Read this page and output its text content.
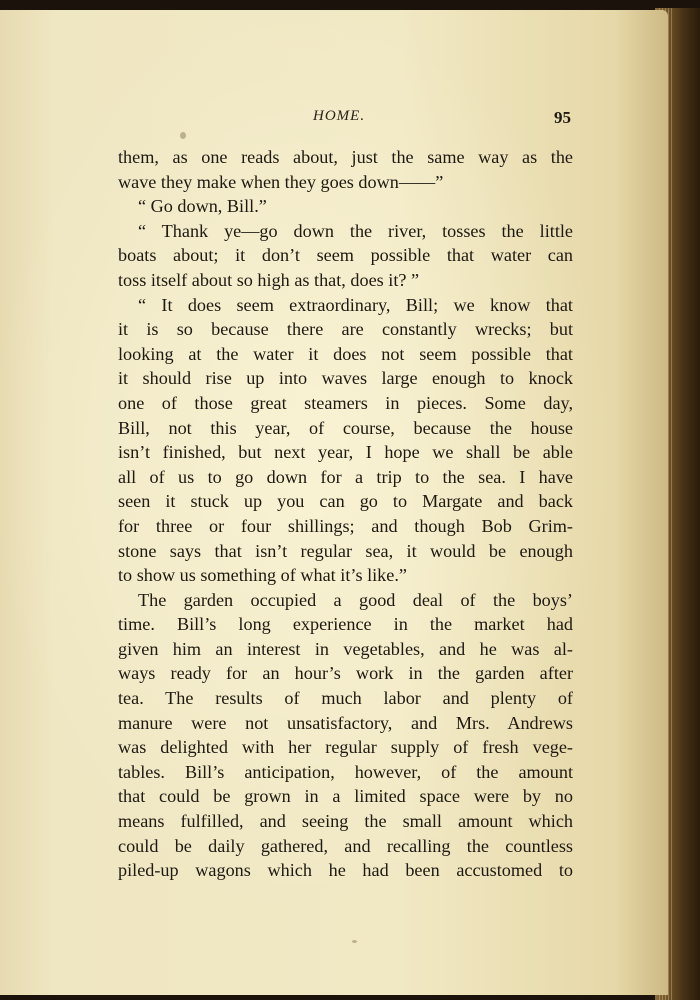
HOME.	95
them, as one reads about, just the same way as the
wave they make when they goes down——”
“ Go down, Bill.”
“ Thank ye—go down the river, tosses the little
boats about; it don’t seem possible that water can
toss itself about so high as that, does it? ”
“ It does seem extraordinary, Bill; we know that
it is so because there are constantly wrecks; but
looking at the water it does not seem possible that
it should rise up into waves large enough to knock
one of those great steamers in pieces. Some day,
Bill, not this year, of course, because the house
isn’t finished, but next year, I hope we shall be able
all of us to go down for a trip to the sea. I have
seen it stuck up you can go to Margate and back
for three or four shillings; and though Bob Grim-
stone says that isn’t regular sea, it would be enough
to show us something of what it’s like.”
The garden occupied a good deal of the boys’
time. Bill’s long experience in the market had
given him an interest in vegetables, and he was al-
ways ready for an hour’s work in the garden after
tea. The results of much labor and plenty of
manure were not unsatisfactory, and Mrs. Andrews
was delighted with her regular supply of fresh vege-
tables. Bill’s anticipation, however, of the amount
that could be grown in a limited space were by no
means fulfilled, and seeing the small amount which
could be daily gathered, and recalling the countless
piled-up wagons which he had been accustomed to
